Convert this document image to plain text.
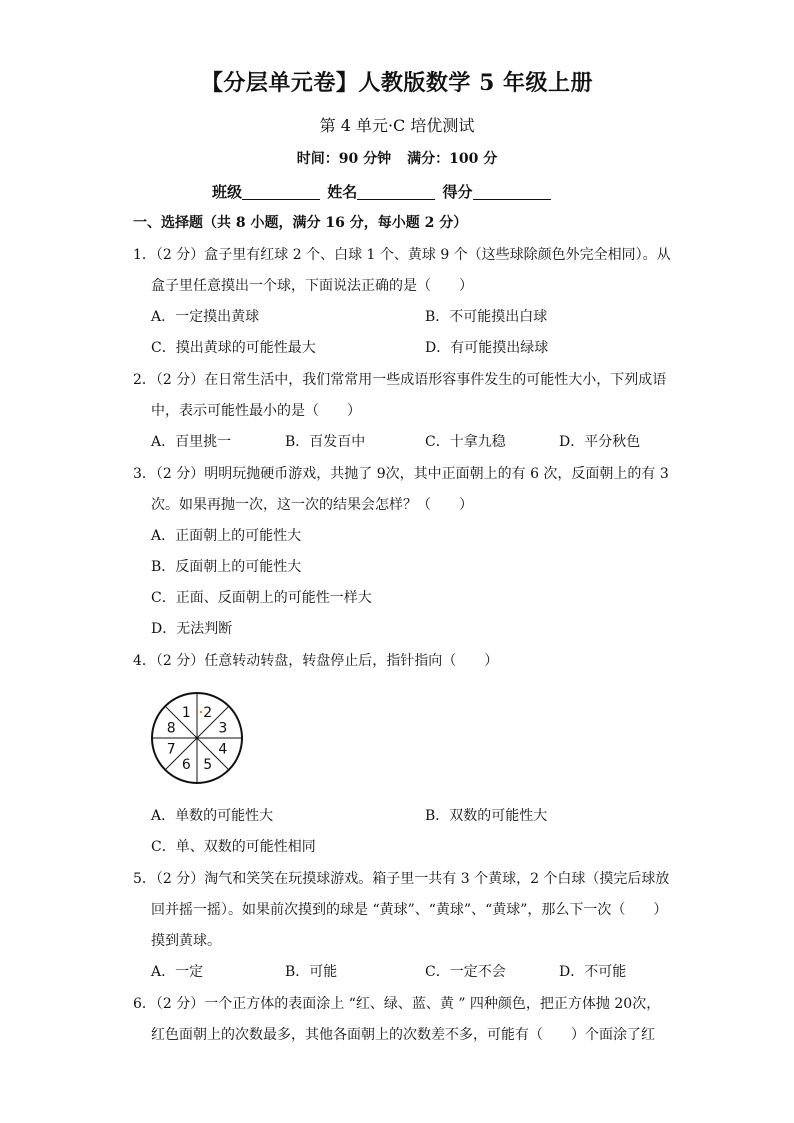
【分层单元卷】人教版数学 5 年级上册
第 4 单元·C 培优测试
时间：90 分钟 满分：100 分
班级	姓名	得分
一、选择题（共 8 小题，满分 16 分，每小题 2 分）
1．（2 分）盒子里有红球 2 个、白球 1 个、黄球 9 个（这些球除颜色外完全相同）。从
盒子里任意摸出一个球，下面说法正确的是（　　）
A．一定摸出黄球	B．不可能摸出白球
C．摸出黄球的可能性最大	D．有可能摸出绿球
2．（2 分）在日常生活中，我们常常用一些成语形容事件发生的可能性大小，下列成语
中，表示可能性最小的是（　　）
A．百里挑一	B．百发百中	C．十拿九稳	D．平分秋色
3．（2 分）明明玩抛硬币游戏，共抛了 9次，其中正面朝上的有 6 次，反面朝上的有 3
次。如果再抛一次，这一次的结果会怎样？（　　）
A．正面朝上的可能性大
B．反面朝上的可能性大
C．正面、反面朝上的可能性一样大
D．无法判断
4．（2 分）任意转动转盘，转盘停止后，指针指向（　　）
1 2
3
4
5
6
7
8
A．单数的可能性大	B．双数的可能性大
C．单、双数的可能性相同
5．（2 分）淘气和笑笑在玩摸球游戏。箱子里一共有 3 个黄球，2 个白球（摸完后球放
回并摇一摇）。如果前次摸到的球是 “黄球”、“黄球”、“黄球”，那么下一次（　　）
摸到黄球。
A．一定	B．可能	C．一定不会	D．不可能
6．（2 分）一个正方体的表面涂上 “红、绿、蓝、黄 ” 四种颜色，把正方体抛 20次，
红色面朝上的次数最多，其他各面朝上的次数差不多，可能有（　　）个面涂了红
